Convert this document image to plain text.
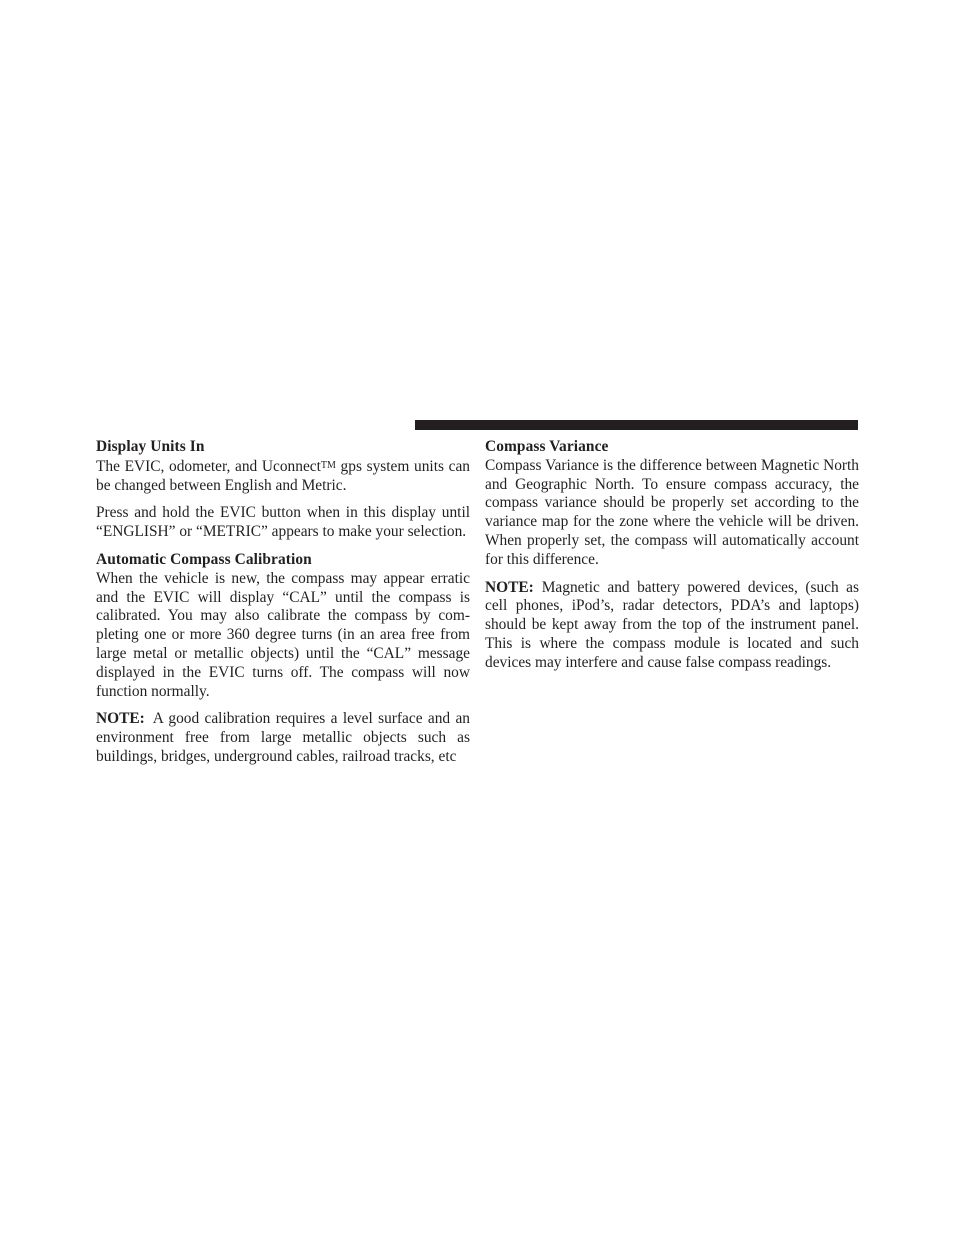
Display Units In

The EVIC, odometer, and UconnectTM gps system units can be changed between English and Metric.

Press and hold the EVIC button when in this display until “ENGLISH” or “METRIC” appears to make your selection.

Automatic Compass Calibration

When the vehicle is new, the compass may appear erratic and the EVIC will display “CAL” until the compass is calibrated. You may also calibrate the compass by completing one or more 360 degree turns (in an area free from large metal or metallic objects) until the “CAL” message displayed in the EVIC turns off. The compass will now function normally.

NOTE: A good calibration requires a level surface and an environment free from large metallic objects such as buildings, bridges, underground cables, railroad tracks, etc

Compass Variance

Compass Variance is the difference between Magnetic North and Geographic North. To ensure compass accuracy, the compass variance should be properly set according to the variance map for the zone where the vehicle will be driven. When properly set, the compass will automatically account for this difference.

NOTE: Magnetic and battery powered devices, (such as cell phones, iPod’s, radar detectors, PDA’s and laptops) should be kept away from the top of the instrument panel. This is where the compass module is located and such devices may interfere and cause false compass readings.
